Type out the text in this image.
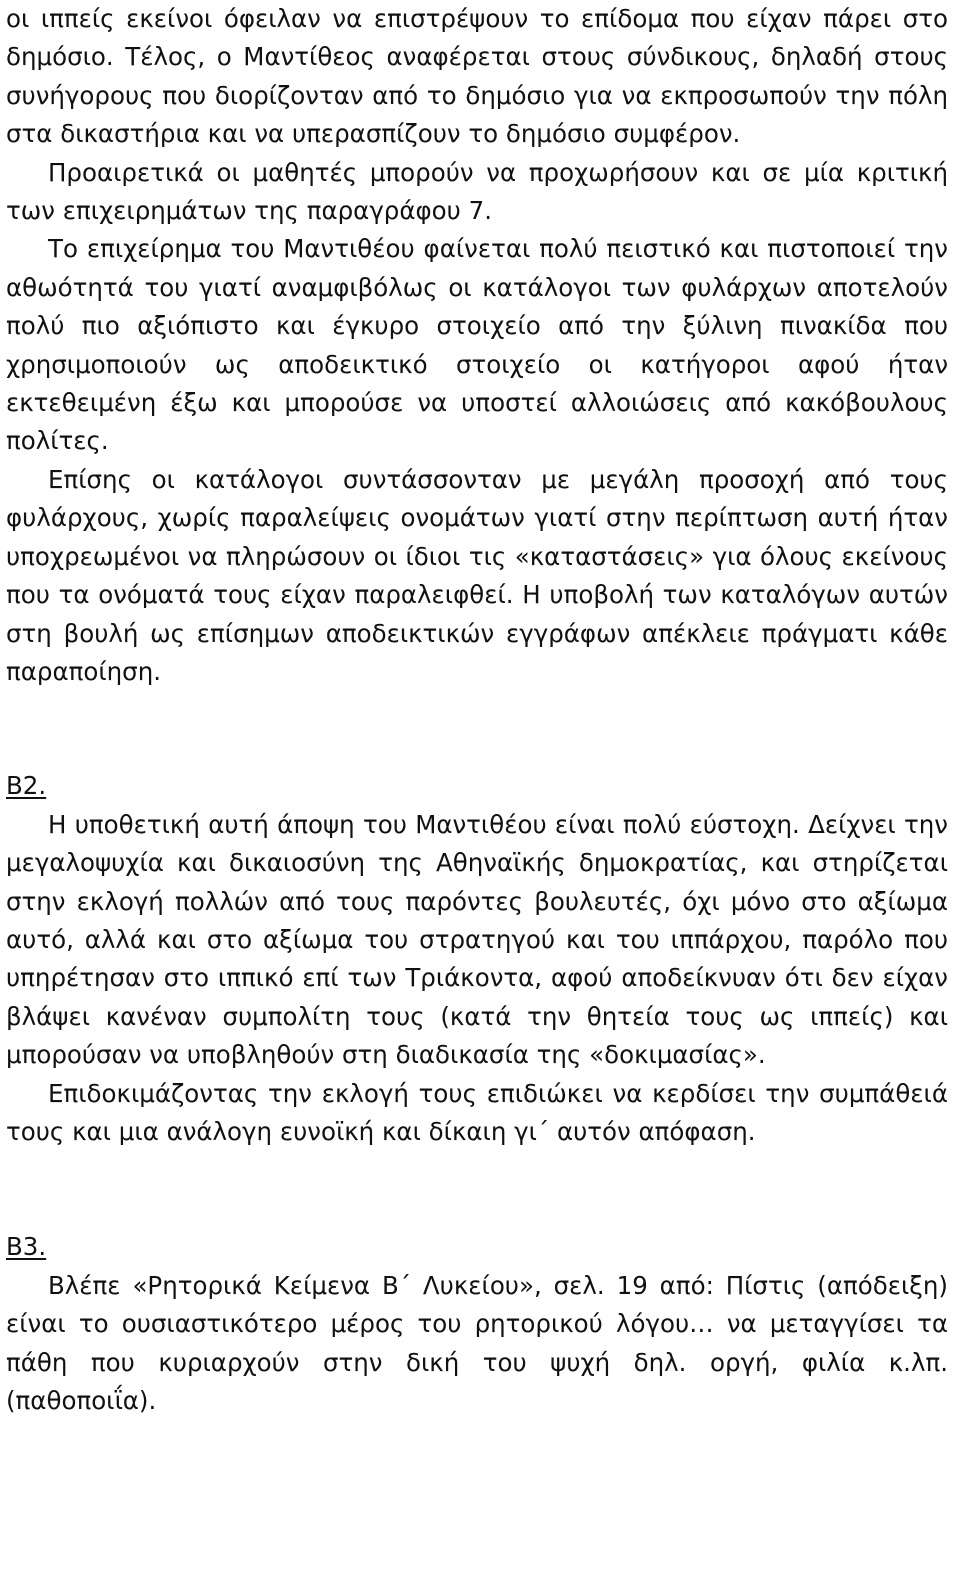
οι ιππείς εκείνοι όφειλαν να επιστρέψουν το επίδομα που είχαν πάρει στο δημόσιο. Τέλος, ο Μαντίθεος αναφέρεται στους σύνδικους, δηλαδή στους συνήγορους που διορίζονταν από το δημόσιο για να εκπροσωπούν την πόλη στα δικαστήρια και να υπερασπίζουν το δημόσιο συμφέρον.

Προαιρετικά οι μαθητές μπορούν να προχωρήσουν και σε μία κριτική των επιχειρημάτων της παραγράφου 7.

Το επιχείρημα του Μαντιθέου φαίνεται πολύ πειστικό και πιστοποιεί την αθωότητά του γιατί αναμφιβόλως οι κατάλογοι των φυλάρχων αποτελούν πολύ πιο αξιόπιστο και έγκυρο στοιχείο από την ξύλινη πινακίδα που χρησιμοποιούν ως αποδεικτικό στοιχείο οι κατήγοροι αφού ήταν εκτεθειμένη έξω και μπορούσε να υποστεί αλλοιώσεις από κακόβουλους πολίτες.

Επίσης οι κατάλογοι συντάσσονταν με μεγάλη προσοχή από τους φυλάρχους, χωρίς παραλείψεις ονομάτων γιατί στην περίπτωση αυτή ήταν υποχρεωμένοι να πληρώσουν οι ίδιοι τις «καταστάσεις» για όλους εκείνους που τα ονόματά τους είχαν παραλειφθεί. Η υποβολή των καταλόγων αυτών στη βουλή ως επίσημων αποδεικτικών εγγράφων απέκλειε πράγματι κάθε παραποίηση.

Β2.

Η υποθετική αυτή άποψη του Μαντιθέου είναι πολύ εύστοχη. Δείχνει την μεγαλοψυχία και δικαιοσύνη της Αθηναϊκής δημοκρατίας, και στηρίζεται στην εκλογή πολλών από τους παρόντες βουλευτές, όχι μόνο στο αξίωμα αυτό, αλλά και στο αξίωμα του στρατηγού και του ιππάρχου, παρόλο που υπηρέτησαν στο ιππικό επί των Τριάκοντα, αφού αποδείκνυαν ότι δεν είχαν βλάψει κανέναν συμπολίτη τους (κατά την θητεία τους ως ιππείς) και μπορούσαν να υποβληθούν στη διαδικασία της «δοκιμασίας».

Επιδοκιμάζοντας την εκλογή τους επιδιώκει να κερδίσει την συμπάθειά τους και μια ανάλογη ευνοϊκή και δίκαιη γι΄ αυτόν απόφαση.

Β3.

Βλέπε «Ρητορικά Κείμενα Β΄ Λυκείου», σελ. 19 από: Πίστις (απόδειξη) είναι το ουσιαστικότερο μέρος του ρητορικού λόγου… να μεταγγίσει τα πάθη που κυριαρχούν στην δική του ψυχή δηλ. οργή, φιλία κ.λπ. (παθοποιΐα).
